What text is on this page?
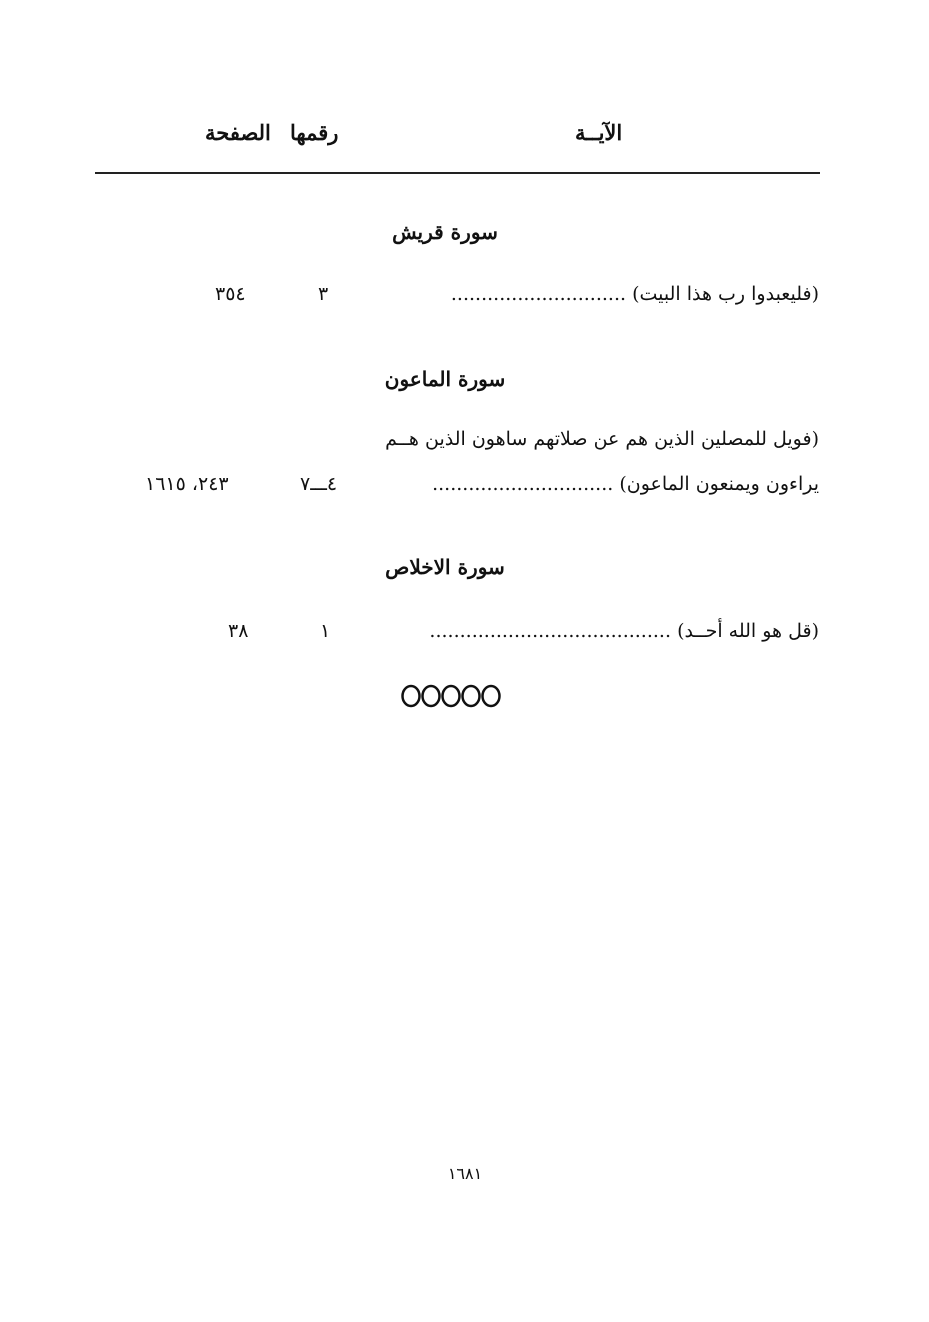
الآيــة
رقمها
الصفحة
سورة قريش
(فليعبدوا رب هذا البيت) .............................
٣
٣٥٤
سورة الماعون
(فويل للمصلين الذين هم عن صلاتهم ساهون الذين هــم
يراءون ويمنعون الماعون) ..............................
٤ـــ٧
٢٤٣، ١٦١٥
سورة الاخلاص
(قل هو الله أحــد) ........................................
١
٣٨
١٦٨١
